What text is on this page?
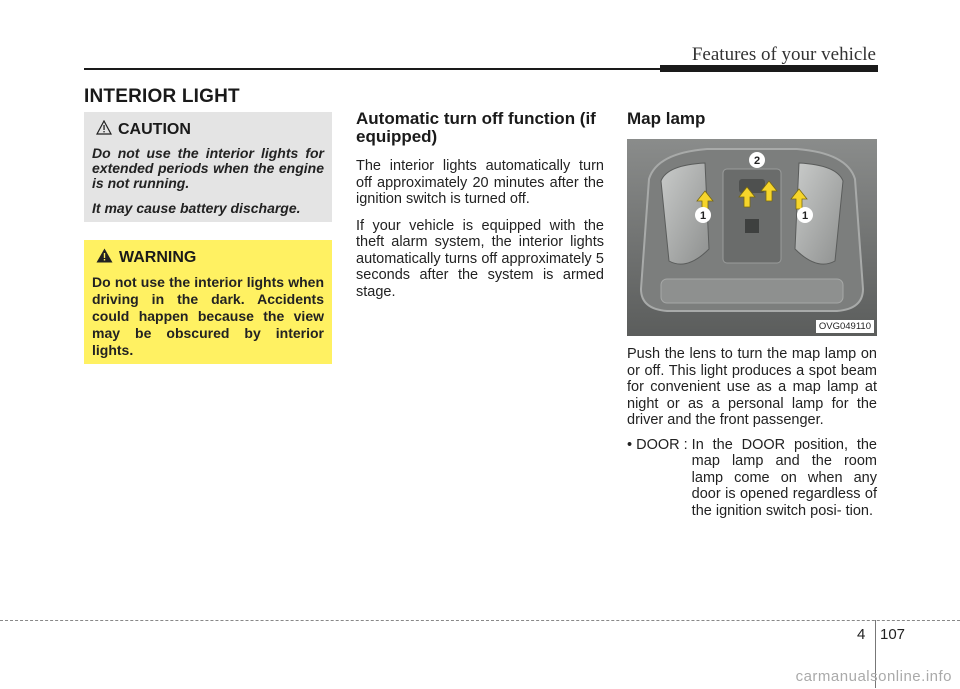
Features of your vehicle
INTERIOR LIGHT
CAUTION

Do not use the interior lights for extended periods when the engine is not running.

It may cause battery discharge.

WARNING

Do not use the interior lights when driving in the dark. Accidents could happen because the view may be obscured by interior lights.

Automatic turn off function (if equipped)

The interior lights automatically turn off approximately 20 minutes after the ignition switch is turned off.

If your vehicle is equipped with the theft alarm system, the interior lights automatically turns off approximately 5 seconds after the system is armed stage.

Map lamp
1
2
1
OVG049110

Push the lens to turn the map lamp on or off. This light produces a spot beam for convenient use as a map lamp at night or as a personal lamp for the driver and the front passenger.

• DOOR : In the DOOR position, the map lamp and the room lamp come on when any door is opened regardless of the ignition switch posi- tion.
4 107
carmanualsonline.info
